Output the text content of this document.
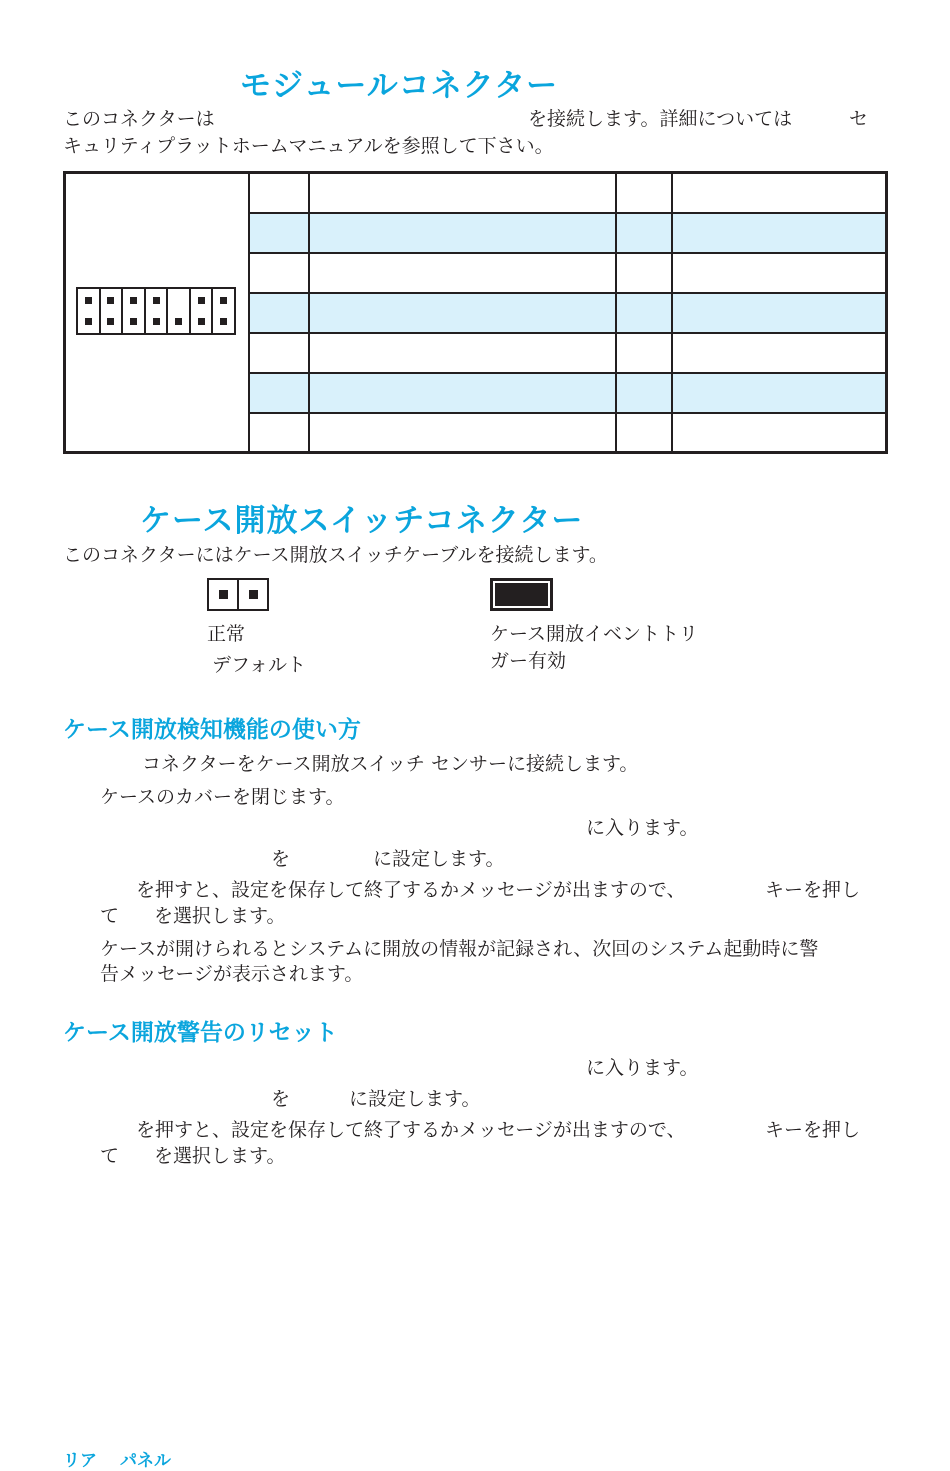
モジュールコネクター
このコネクターは	を接続します。詳細については	セ
キュリティプラットホームマニュアルを参照して下さい。
ケース開放スイッチコネクター
このコネクターにはケース開放スイッチケーブルを接続します。
正常
デフォルト
ケース開放イベントトリ
ガー有効
ケース開放検知機能の使い方
コネクターをケース開放スイッチ センサーに接続します。
ケースのカバーを閉じます。
に入ります。
を	に設定します。
を押すと、設定を保存して終了するかメッセージが出ますので、	キーを押し
て を選択します。
ケースが開けられるとシステムに開放の情報が記録され、次回のシステム起動時に警
告メッセージが表示されます。
ケース開放警告のリセット
に入ります。
を	に設定します。
を押すと、設定を保存して終了するかメッセージが出ますので、	キーを押し
て を選択します。
リア パネル
